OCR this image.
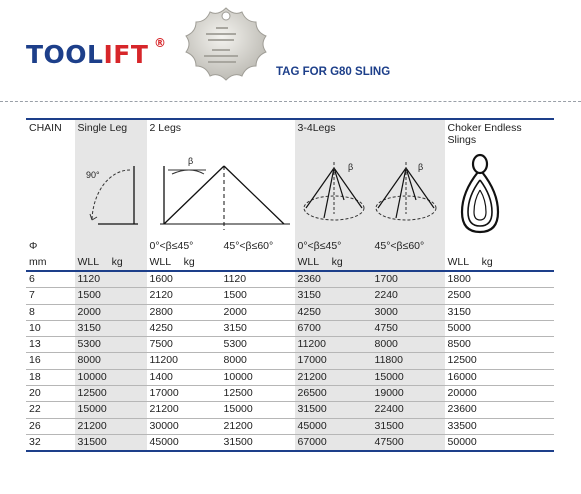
TOOLIFT ®
TAG FOR G80 SLING
CHAIN	Single Leg	2 Legs		3-4Legs		Choker Endless Slings

90°	β		β β

Φ		0°<β≤45°	45°<β≤60°	0°<β≤45°	45°<β≤60°	
mm	WLL kg	WLL kg		WLL kg		WLL kg
6	1120	1600	1120	2360	1700	1800
7	1500	2120	1500	3150	2240	2500
8	2000	2800	2000	4250	3000	3150
10	3150	4250	3150	6700	4750	5000
13	5300	7500	5300	11200	8000	8500
16	8000	11200	8000	17000	11800	12500
18	10000	1400	10000	21200	15000	16000
20	12500	17000	12500	26500	19000	20000
22	15000	21200	15000	31500	22400	23600
26	21200	30000	21200	45000	31500	33500
32	31500	45000	31500	67000	47500	50000
